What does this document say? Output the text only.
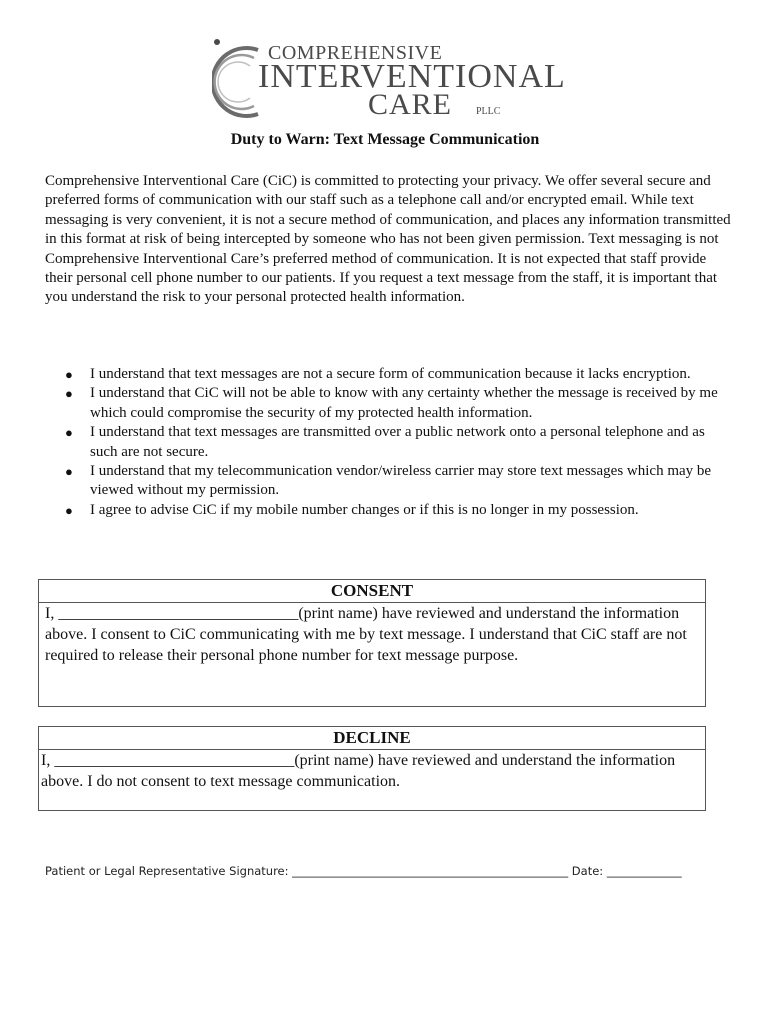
COMPREHENSIVE
INTERVENTIONAL
CARE PLLC
Duty to Warn: Text Message Communication

Comprehensive Interventional Care (CiC) is committed to protecting your privacy. We offer several secure and preferred forms of communication with our staff such as a telephone call and/or encrypted email. While text messaging is very convenient, it is not a secure method of communication, and places any information transmitted in this format at risk of being intercepted by someone who has not been given permission. Text messaging is not Comprehensive Interventional Care’s preferred method of communication. It is not expected that staff provide their personal cell phone number to our patients. If you request a text message from the staff, it is important that you understand the risk to your personal protected health information.

● I understand that text messages are not a secure form of communication because it lacks encryption.
● I understand that CiC will not be able to know with any certainty whether the message is received by me which could compromise the security of my protected health information.
● I understand that text messages are transmitted over a public network onto a personal telephone and as such are not secure.
● I understand that my telecommunication vendor/wireless carrier may store text messages which may be viewed without my permission.
● I agree to advise CiC if my mobile number changes or if this is no longer in my possession.
CONSENT
I, ______________________________(print name) have reviewed and understand the information above. I consent to CiC communicating with me by text message. I understand that CiC staff are not required to release their personal phone number for text message purpose.
DECLINE
I, ______________________________(print name) have reviewed and understand the information above. I do not consent to text message communication.
Patient or Legal Representative Signature: ________________________________________________ Date: _____________
